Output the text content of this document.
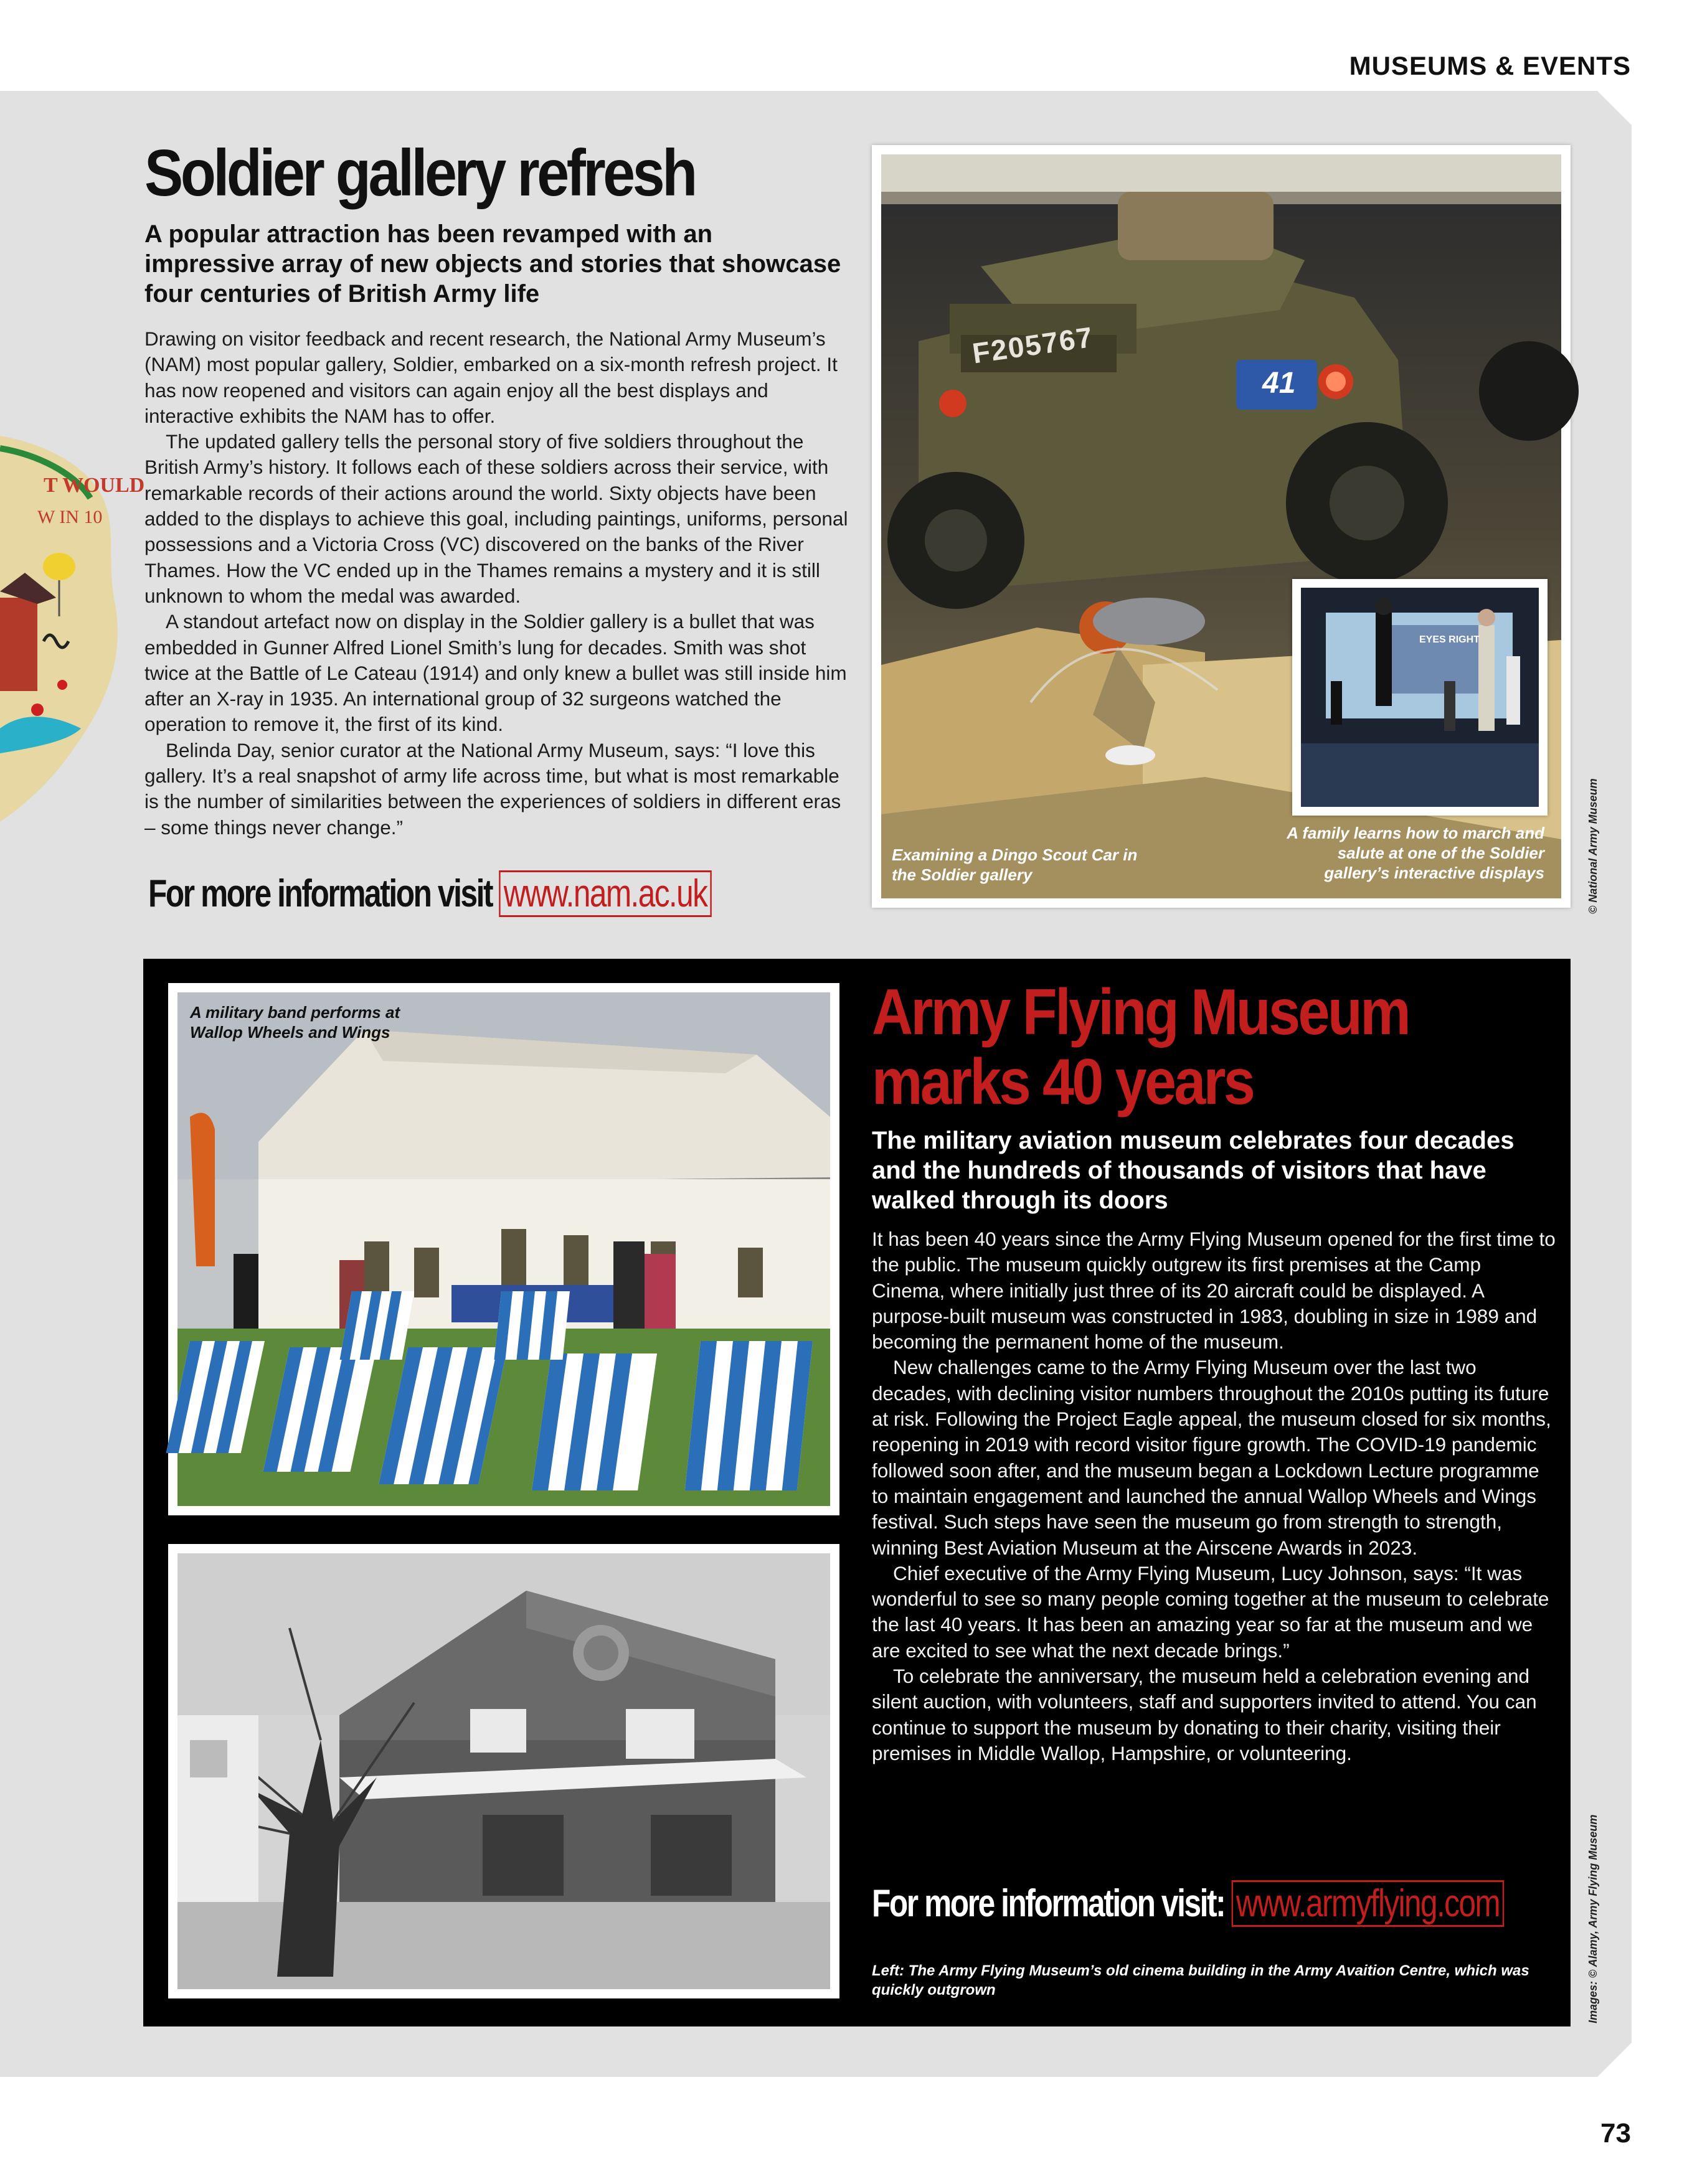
MUSEUMS & EVENTS
T WOULD
W IN 10
Soldier gallery refresh

A popular attraction has been revamped with an impressive array of new objects and stories that showcase four centuries of British Army life

Drawing on visitor feedback and recent research, the National Army Museum’s (NAM) most popular gallery, Soldier, embarked on a six-month refresh project. It has now reopened and visitors can again enjoy all the best displays and interactive exhibits the NAM has to offer.

The updated gallery tells the personal story of five soldiers throughout the British Army’s history. It follows each of these soldiers across their service, with remarkable records of their actions around the world. Sixty objects have been added to the displays to achieve this goal, including paintings, uniforms, personal possessions and a Victoria Cross (VC) discovered on the banks of the River Thames. How the VC ended up in the Thames remains a mystery and it is still unknown to whom the medal was awarded.

A standout artefact now on display in the Soldier gallery is a bullet that was embedded in Gunner Alfred Lionel Smith’s lung for decades. Smith was shot twice at the Battle of Le Cateau (1914) and only knew a bullet was still inside him after an X-ray in 1935. An international group of 32 surgeons watched the operation to remove it, the first of its kind.

Belinda Day, senior curator at the National Army Museum, says: “I love this gallery. It’s a real snapshot of army life across time, but what is most remarkable is the number of similarities between the experiences of soldiers in different eras – some things never change.”

For more information visit www.nam.ac.uk
F205767
41
Examining a Dingo Scout Car in the Soldier gallery
EYES RIGHT
A family learns how to march and salute at one of the Soldier gallery’s interactive displays	© National Army Museum
A military band performs at Wallop Wheels and Wings	Army Flying Museum
marks 40 years

The military aviation museum celebrates four decades and the hundreds of thousands of visitors that have walked through its doors

It has been 40 years since the Army Flying Museum opened for the first time to the public. The museum quickly outgrew its first premises at the Camp Cinema, where initially just three of its 20 aircraft could be displayed. A purpose-built museum was constructed in 1983, doubling in size in 1989 and becoming the permanent home of the museum.

New challenges came to the Army Flying Museum over the last two decades, with declining visitor numbers throughout the 2010s putting its future at risk. Following the Project Eagle appeal, the museum closed for six months, reopening in 2019 with record visitor figure growth. The COVID-19 pandemic followed soon after, and the museum began a Lockdown Lecture programme to maintain engagement and launched the annual Wallop Wheels and Wings festival. Such steps have seen the museum go from strength to strength, winning Best Aviation Museum at the Airscene Awards in 2023.

Chief executive of the Army Flying Museum, Lucy Johnson, says: “It was wonderful to see so many people coming together at the museum to celebrate the last 40 years. It has been an amazing year so far at the museum and we are excited to see what the next decade brings.”

To celebrate the anniversary, the museum held a celebration evening and silent auction, with volunteers, staff and supporters invited to attend. You can continue to support the museum by donating to their charity, visiting their premises in Middle Wallop, Hampshire, or volunteering.

For more information visit: www.armyflying.com
Left: The Army Flying Museum’s old cinema building in the Army Avaition Centre, which was quickly outgrown	Images: © Alamy, Army Flying Museum
73
